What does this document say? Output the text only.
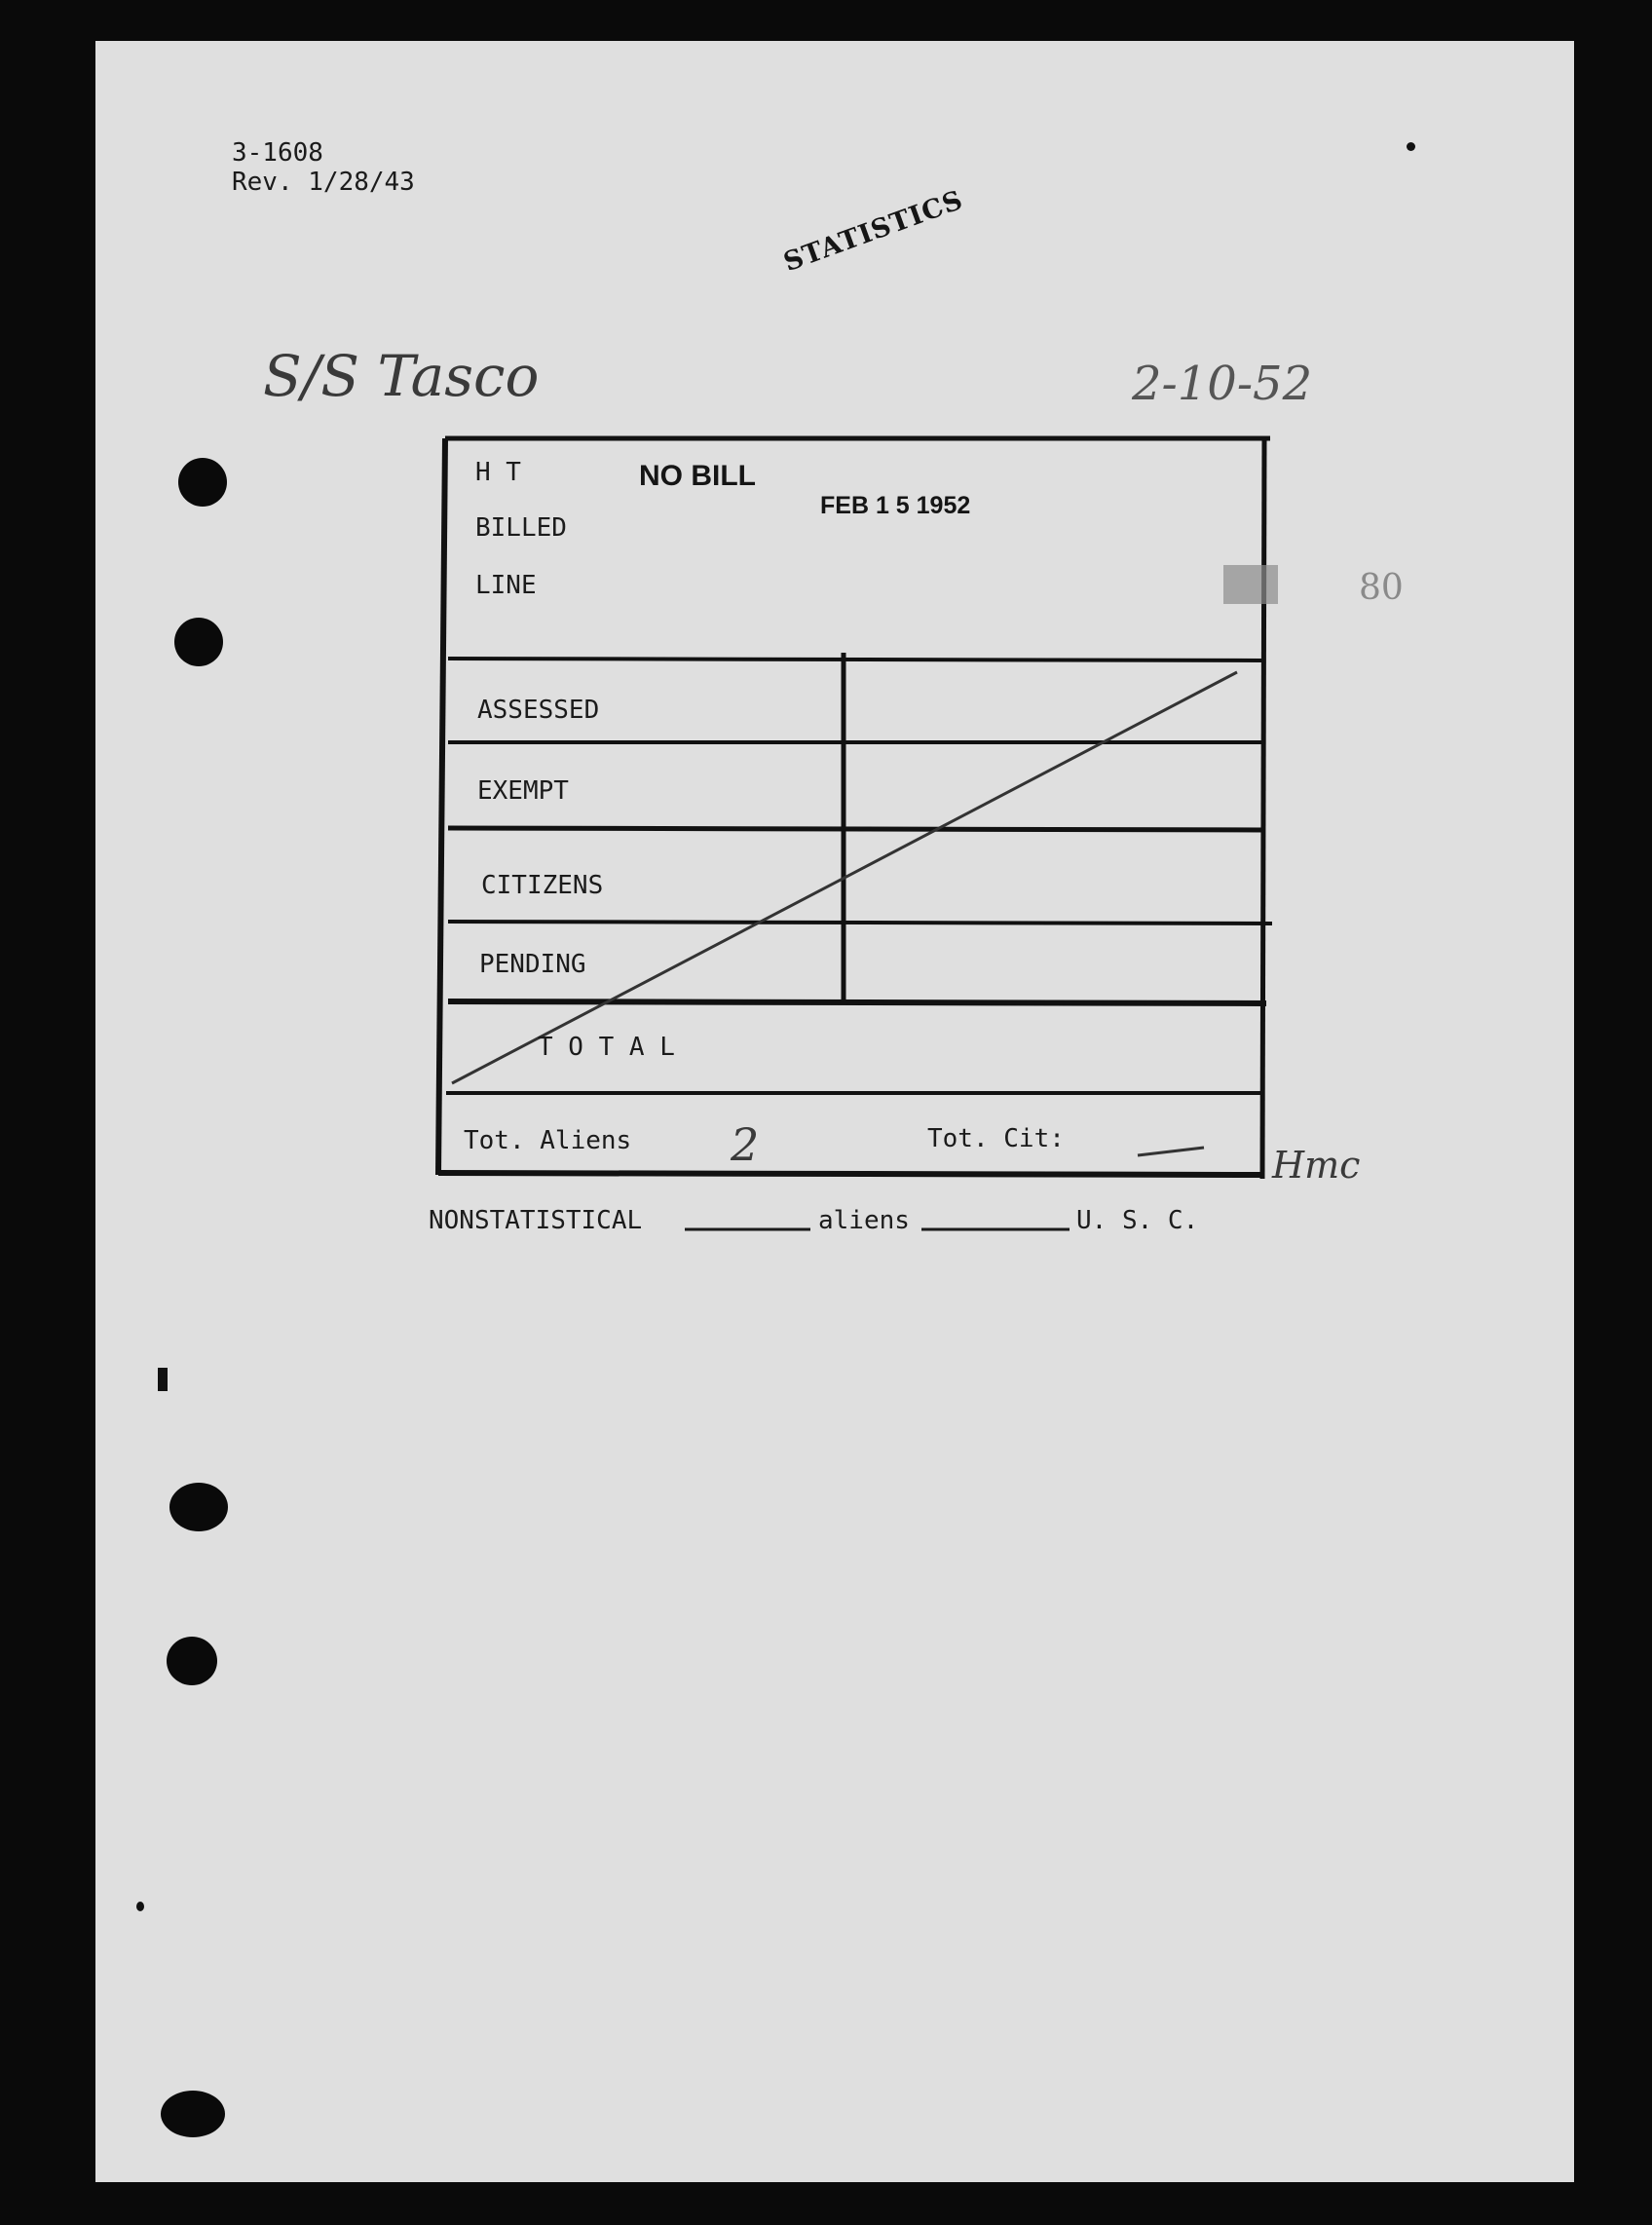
3-1608
Rev. 1/28/43
STATISTICS
S/S Tasco	2-10-52
H T
BILLED
LINE
NO BILL
FEB 1 5 1952
80
ASSESSED
EXEMPT
CITIZENS
PENDING
T O T A L
Tot. Aliens 2	Tot. Cit:
Hmc
NONSTATISTICAL	aliens	U. S. C.
